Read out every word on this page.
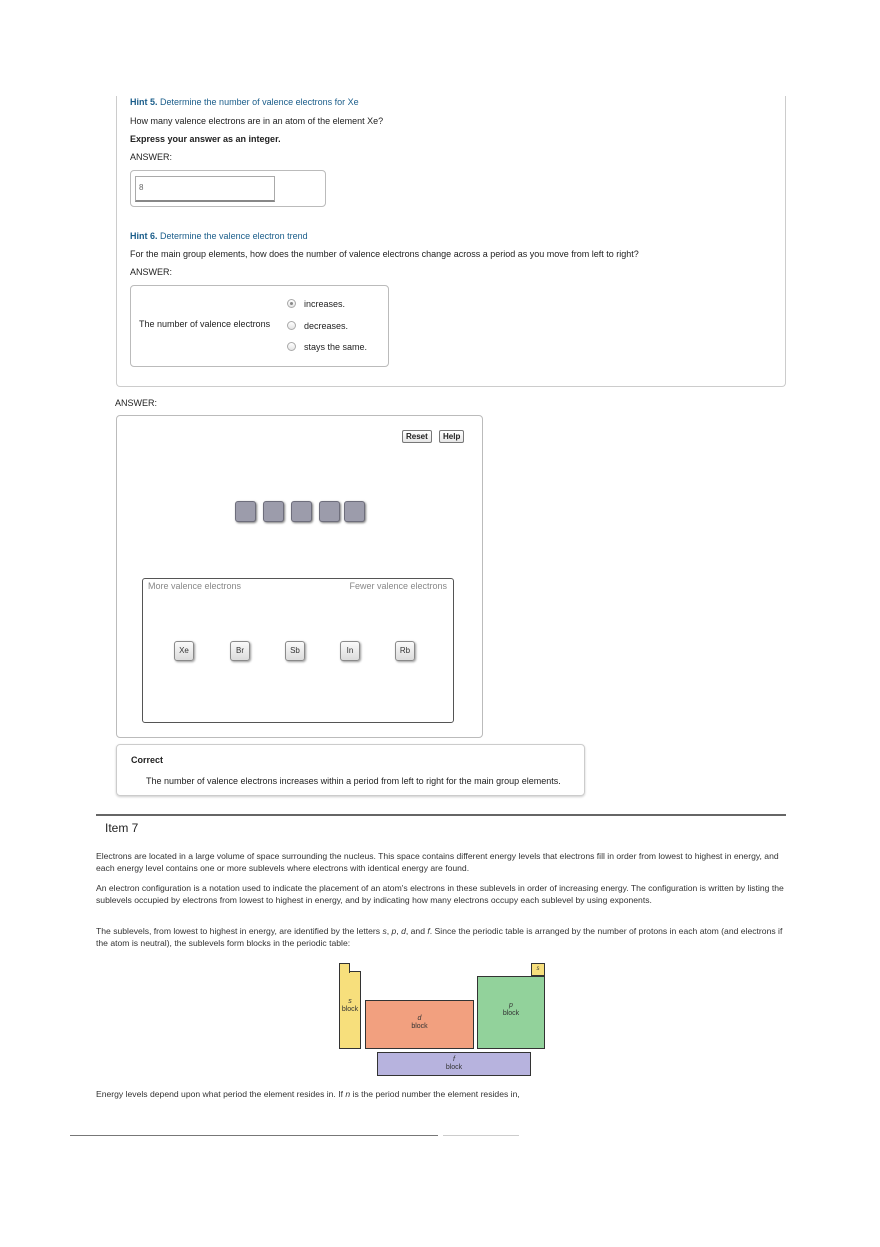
Hint 5. Determine the number of valence electrons for Xe
How many valence electrons are in an atom of the element Xe?
Express your answer as an integer.
ANSWER:
8
Hint 6. Determine the valence electron trend
For the main group elements, how does the number of valence electrons change across a period as you move from left to right?
ANSWER:
The number of valence electrons
increases.
decreases.
stays the same.
ANSWER:
Reset	Help
More valence electrons	Fewer valence electrons
Xe	Br	Sb	In	Rb
Correct
The number of valence electrons increases within a period from left to right for the main group elements.
Item 7
Electrons are located in a large volume of space surrounding the nucleus. This space contains different energy levels that electrons fill in order from lowest to highest in energy, and each energy level contains one or more sublevels where electrons with identical energy are found.
An electron configuration is a notation used to indicate the placement of an atom's electrons in these sublevels in order of increasing energy. The configuration is written by listing the sublevels occupied by electrons from lowest to highest in energy, and by indicating how many electrons occupy each sublevel by using exponents.
The sublevels, from lowest to highest in energy, are identified by the letters s, p, d, and f. Since the periodic table is arranged by the number of protons in each atom (and electrons if the atom is neutral), the sublevels form blocks in the periodic table:
s
block
d
block
p
block
s
f
block
Energy levels depend upon what period the element resides in. If n is the period number the element resides in,
